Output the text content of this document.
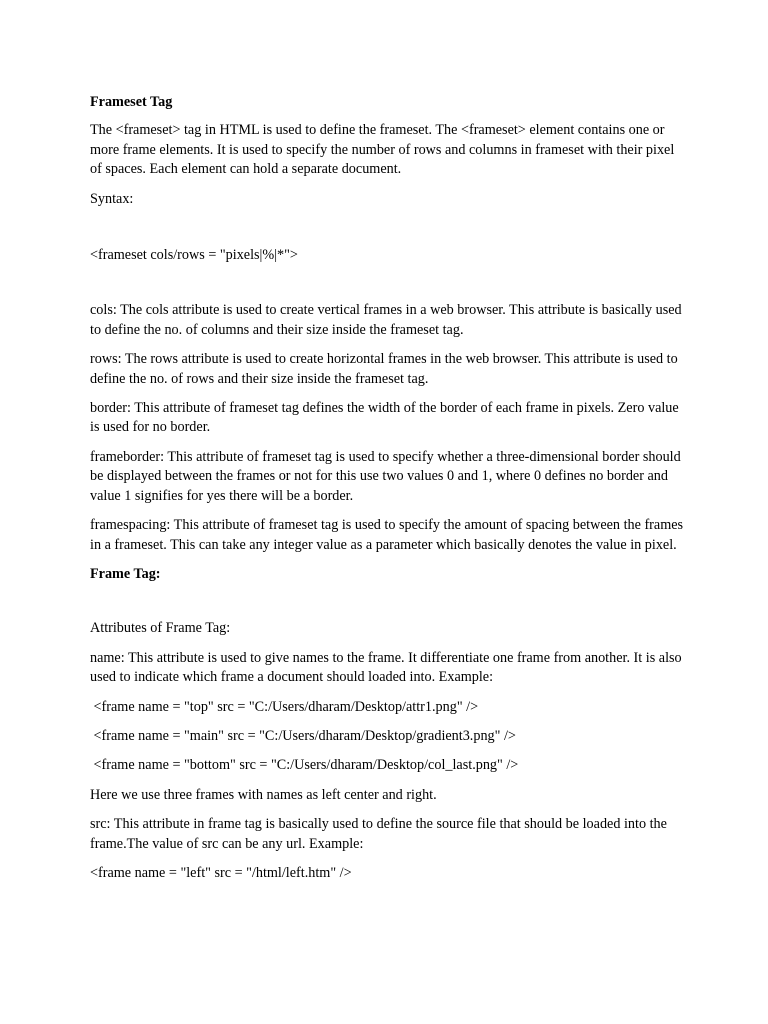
Frameset Tag
The <frameset> tag in HTML is used to define the frameset. The <frameset> element contains one or more frame elements. It is used to specify the number of rows and columns in frameset with their pixel of spaces. Each element can hold a separate document.
Syntax:
<frameset cols/rows = "pixels|%|*">
cols: The cols attribute is used to create vertical frames in a web browser. This attribute is basically used to define the no. of columns and their size inside the frameset tag.
rows: The rows attribute is used to create horizontal frames in the web browser. This attribute is used to define the no. of rows and their size inside the frameset tag.
border: This attribute of frameset tag defines the width of the border of each frame in pixels. Zero value is used for no border.
frameborder: This attribute of frameset tag is used to specify whether a three-dimensional border should be displayed between the frames or not for this use two values 0 and 1, where 0 defines no border and value 1 signifies for yes there will be a border.
framespacing: This attribute of frameset tag is used to specify the amount of spacing between the frames in a frameset. This can take any integer value as a parameter which basically denotes the value in pixel.
Frame Tag:
Attributes of Frame Tag:
name: This attribute is used to give names to the frame. It differentiate one frame from another. It is also used to indicate which frame a document should loaded into. Example:
<frame name = "top" src = "C:/Users/dharam/Desktop/attr1.png" />
<frame name = "main" src = "C:/Users/dharam/Desktop/gradient3.png" />
<frame name = "bottom" src = "C:/Users/dharam/Desktop/col_last.png" />
Here we use three frames with names as left center and right.
src: This attribute in frame tag is basically used to define the source file that should be loaded into the frame.The value of src can be any url. Example:
<frame name = "left" src = "/html/left.htm" />
